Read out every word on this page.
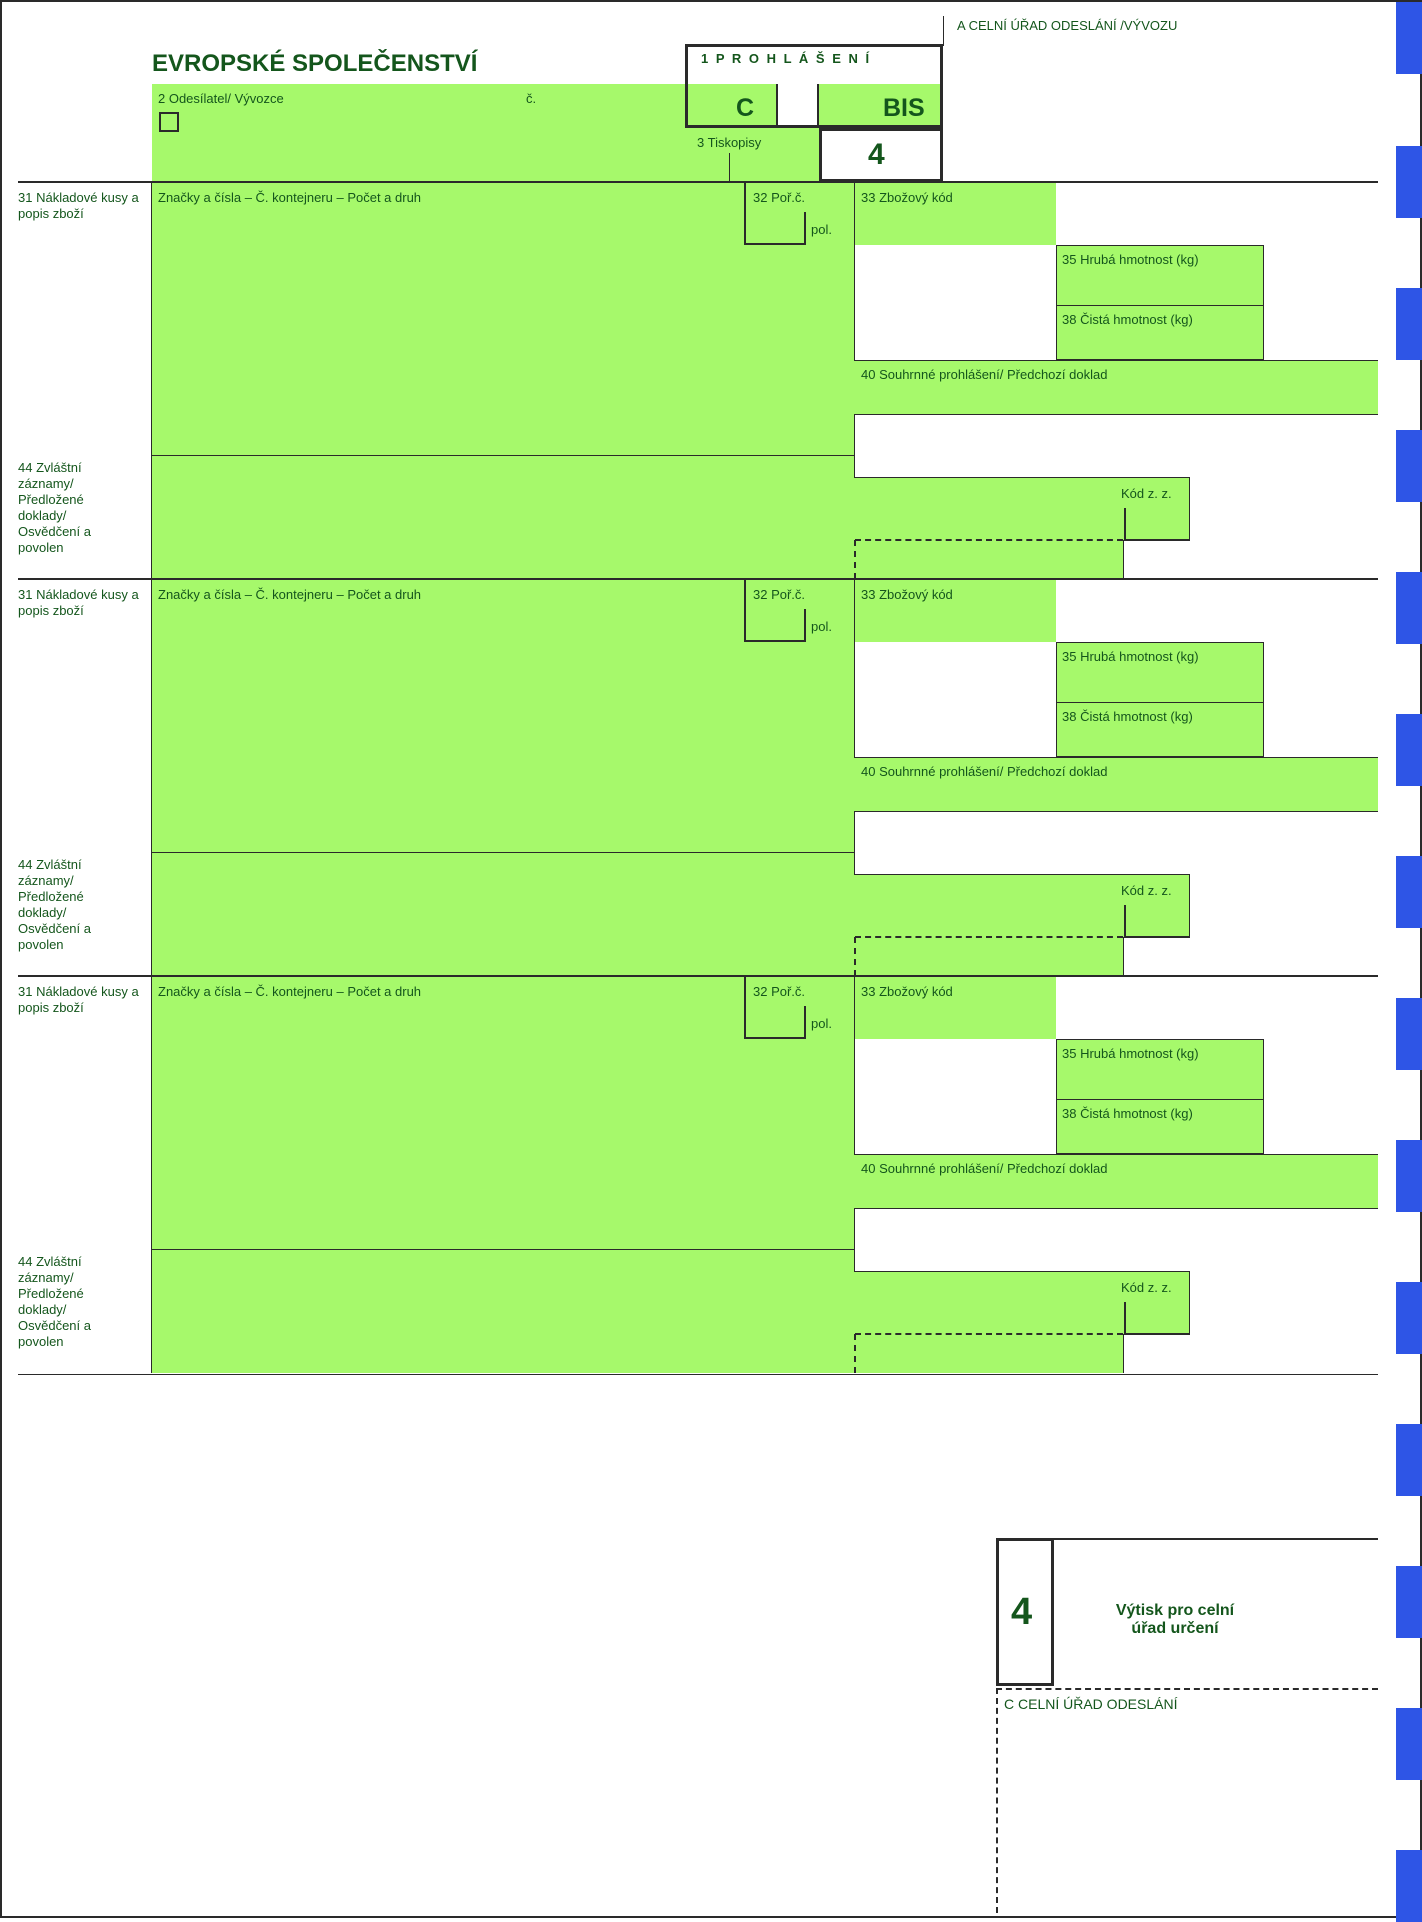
A CELNÍ ÚŘAD ODESLÁNÍ /VÝVOZU
EVROPSKÉ SPOLEČENSTVÍ
2 Odesílatel/ Vývozce	č.
1 P R O H L Á Š E N Í
C	BIS
3 Tiskopisy	4
31 Nákladové kusy a popis zboží
Značky a čísla – Č. kontejneru – Počet a druh	32 Poř.č.
pol.
33 Zbožový kód
35 Hrubá hmotnost (kg)
38 Čistá hmotnost (kg)
40 Souhrnné prohlášení/ Předchozí doklad
44 Zvláštní záznamy/ Předložené doklady/ Osvědčení a povolen
Kód z. z.
31 Nákladové kusy a popis zboží
Značky a čísla – Č. kontejneru – Počet a druh	32 Poř.č.
pol.
33 Zbožový kód
35 Hrubá hmotnost (kg)
38 Čistá hmotnost (kg)
40 Souhrnné prohlášení/ Předchozí doklad
44 Zvláštní záznamy/ Předložené doklady/ Osvědčení a povolen
Kód z. z.
31 Nákladové kusy a popis zboží
Značky a čísla – Č. kontejneru – Počet a druh	32 Poř.č.
pol.
33 Zbožový kód
35 Hrubá hmotnost (kg)
38 Čistá hmotnost (kg)
40 Souhrnné prohlášení/ Předchozí doklad
44 Zvláštní záznamy/ Předložené doklady/ Osvědčení a povolen
Kód z. z.
4	Výtisk pro celní úřad určení
C CELNÍ ÚŘAD ODESLÁNÍ
